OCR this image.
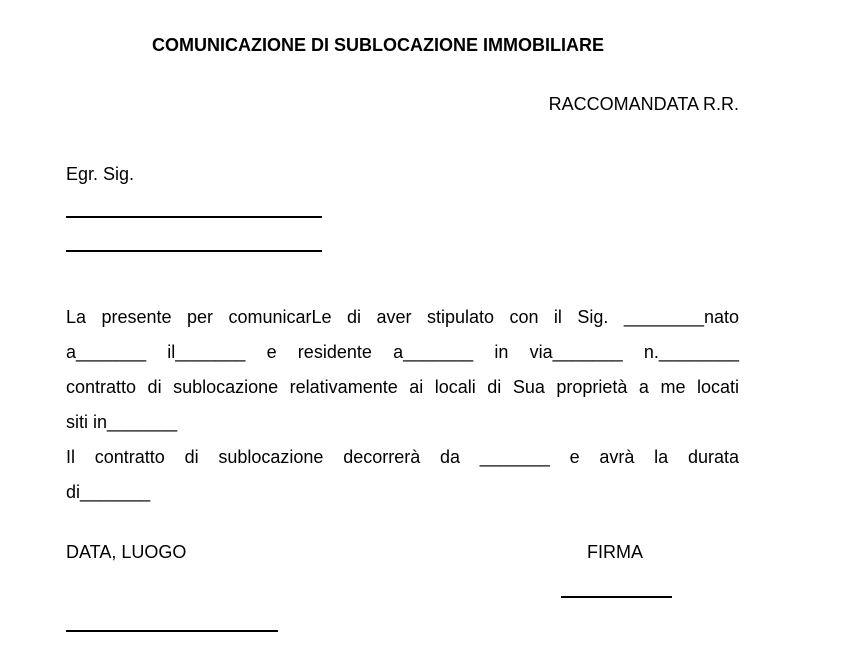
COMUNICAZIONE DI SUBLOCAZIONE IMMOBILIARE
RACCOMANDATA R.R.
Egr. Sig.

La presente per comunicarLe di aver stipulato con il Sig. ________nato

a_______ il_______ e residente a_______ in via_______ n.________

contratto di sublocazione relativamente ai locali di Sua proprietà a me locati

siti in_______

Il contratto di sublocazione decorrerà da _______ e avrà la durata

di_______

DATA, LUOGO	FIRMA
